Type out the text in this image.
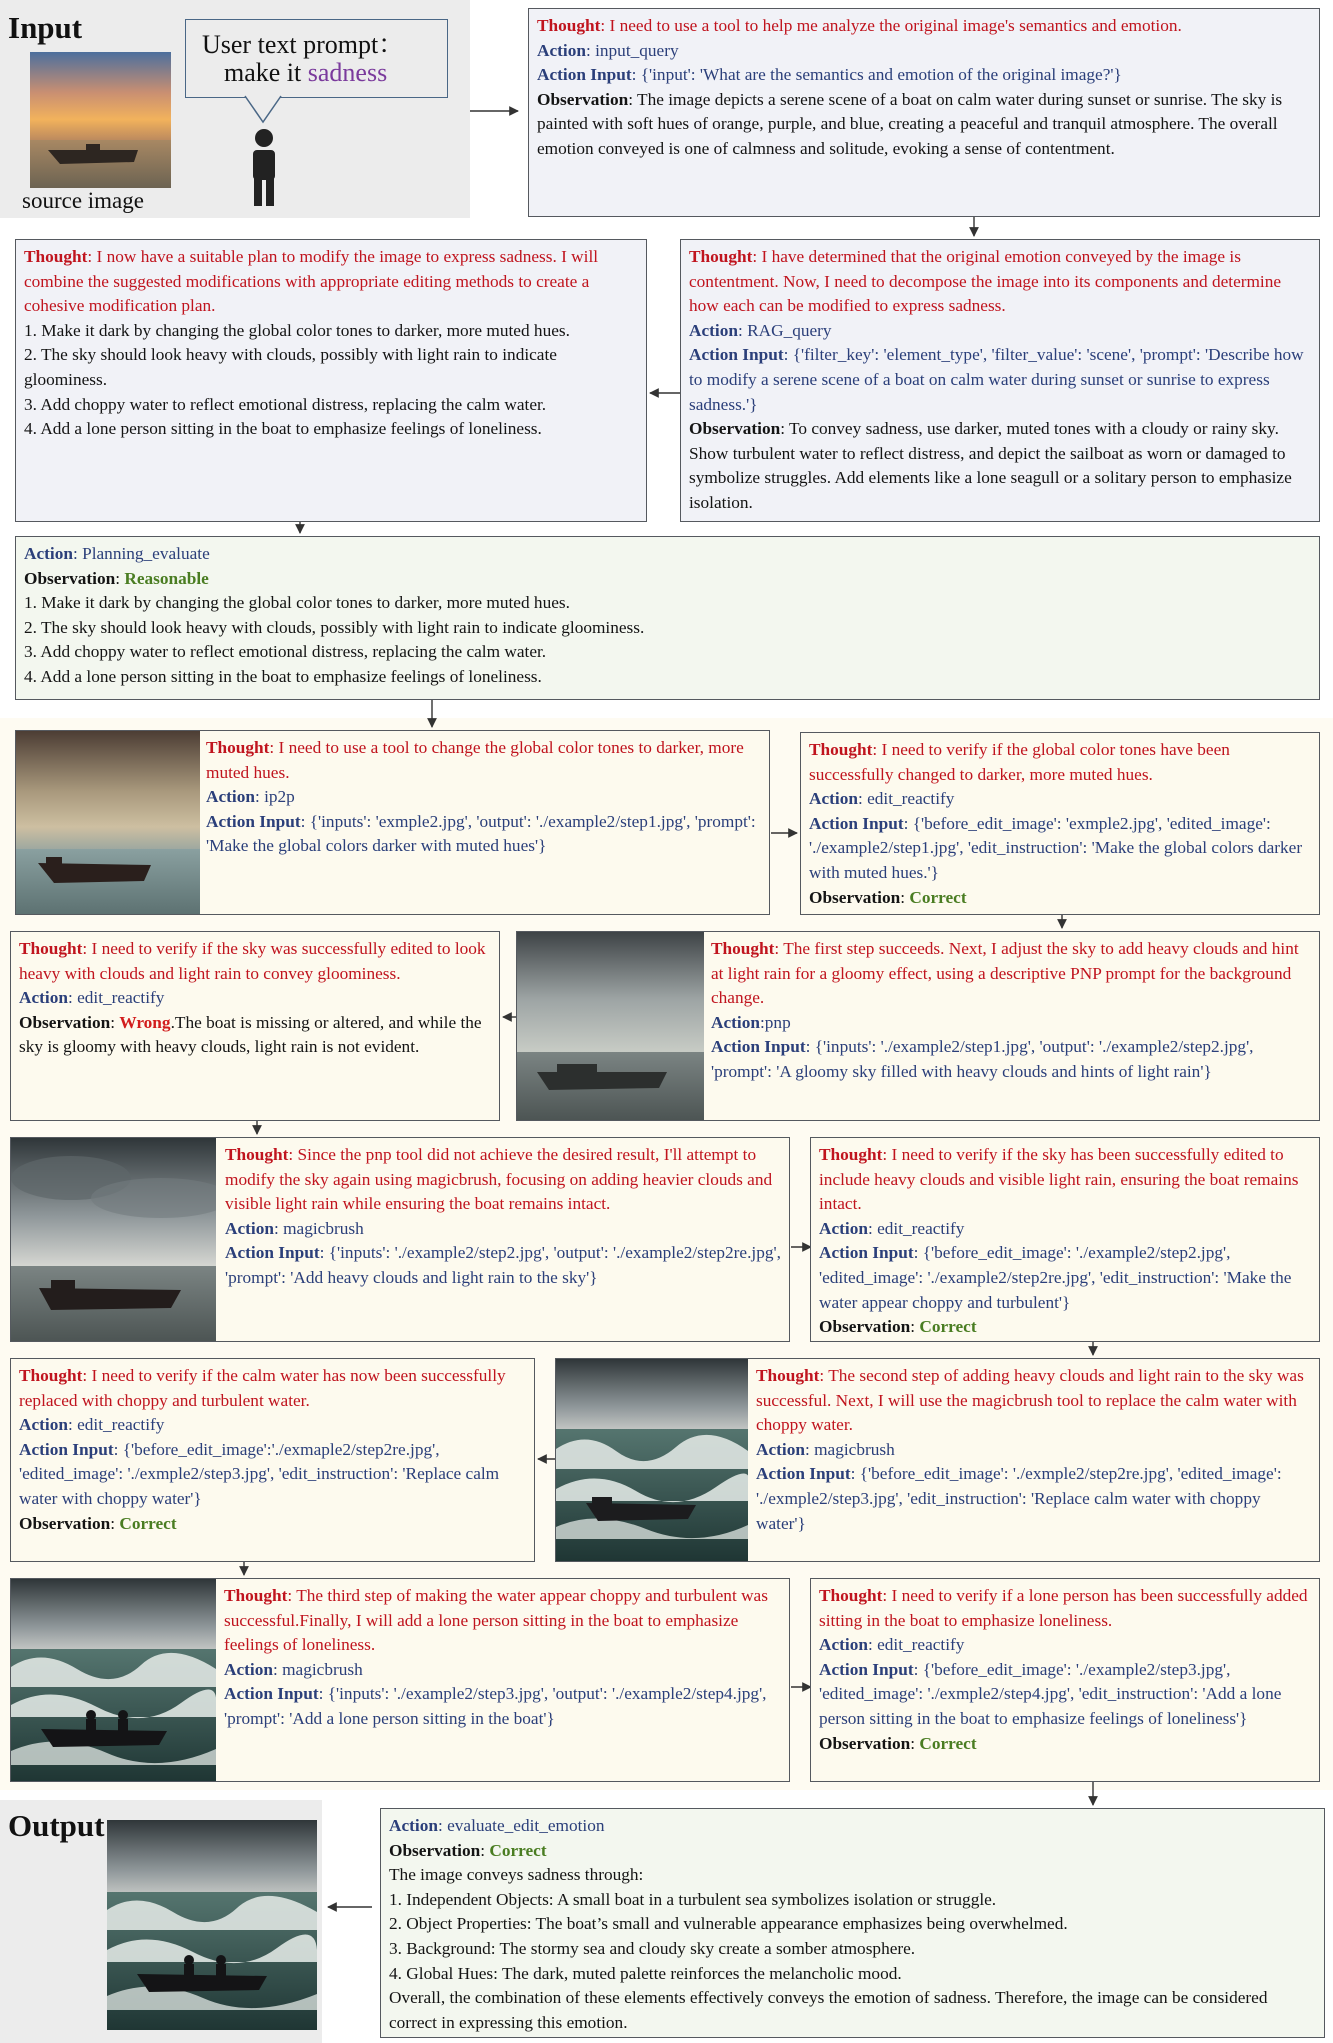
Input
source image
User text prompt：
make it sadness
Thought: I need to use a tool to help me analyze the original image's semantics and emotion.
Action: input_query
Action Input: {'input': 'What are the semantics and emotion of the original image?'}
Observation: The image depicts a serene scene of a boat on calm water during sunset or sunrise. The sky is painted with soft hues of orange, purple, and blue, creating a peaceful and tranquil atmosphere. The overall emotion conveyed is one of calmness and solitude, evoking a sense of contentment.
Thought: I have determined that the original emotion conveyed by the image is contentment. Now, I need to decompose the image into its components and determine how each can be modified to express sadness.
Action: RAG_query
Action Input: {'filter_key': 'element_type', 'filter_value': 'scene', 'prompt': 'Describe how to modify a serene scene of a boat on calm water during sunset or sunrise to express sadness.'}
Observation: To convey sadness, use darker, muted tones with a cloudy or rainy sky. Show turbulent water to reflect distress, and depict the sailboat as worn or damaged to symbolize struggles. Add elements like a lone seagull or a solitary person to emphasize isolation.
Thought: I now have a suitable plan to modify the image to express sadness. I will combine the suggested modifications with appropriate editing methods to create a cohesive modification plan.
1. Make it dark by changing the global color tones to darker, more muted hues.
2. The sky should look heavy with clouds, possibly with light rain to indicate gloominess.
3. Add choppy water to reflect emotional distress, replacing the calm water.
4. Add a lone person sitting in the boat to emphasize feelings of loneliness.
Action: Planning_evaluate
Observation: Reasonable
1. Make it dark by changing the global color tones to darker, more muted hues.
2. The sky should look heavy with clouds, possibly with light rain to indicate gloominess.
3. Add choppy water to reflect emotional distress, replacing the calm water.
4. Add a lone person sitting in the boat to emphasize feelings of loneliness.
Thought: I need to use a tool to change the global color tones to darker, more muted hues.
Action: ip2p
Action Input: {'inputs': 'exmple2.jpg', 'output': './example2/step1.jpg', 'prompt': 'Make the global colors darker with muted hues'}
Thought: I need to verify if the global color tones have been successfully changed to darker, more muted hues.
Action: edit_reactify
Action Input: {'before_edit_image': 'exmple2.jpg', 'edited_image': './example2/step1.jpg', 'edit_instruction': 'Make the global colors darker with muted hues.'}
Observation: Correct
Thought: I need to verify if the sky was successfully edited to look heavy with clouds and light rain to convey gloominess.
Action: edit_reactify
Observation: Wrong.The boat is missing or altered, and while the sky is gloomy with heavy clouds, light rain is not evident.
Thought: The first step succeeds. Next, I adjust the sky to add heavy clouds and hint at light rain for a gloomy effect, using a descriptive PNP prompt for the background change.
Action:pnp
Action Input: {'inputs': './example2/step1.jpg', 'output': './example2/step2.jpg', 'prompt': 'A gloomy sky filled with heavy clouds and hints of light rain'}
Thought: Since the pnp tool did not achieve the desired result, I'll attempt to modify the sky again using magicbrush, focusing on adding heavier clouds and visible light rain while ensuring the boat remains intact.
Action: magicbrush
Action Input: {'inputs': './example2/step2.jpg', 'output': './example2/step2re.jpg', 'prompt': 'Add heavy clouds and light rain to the sky'}
Thought: I need to verify if the sky has been successfully edited to include heavy clouds and visible light rain, ensuring the boat remains intact.
Action: edit_reactify
Action Input: {'before_edit_image': './example2/step2.jpg', 'edited_image': './example2/step2re.jpg', 'edit_instruction': 'Make the water appear choppy and turbulent'}
Observation: Correct
Thought: I need to verify if the calm water has now been successfully replaced with choppy and turbulent water.
Action: edit_reactify
Action Input: {'before_edit_image':'./exmaple2/step2re.jpg', 'edited_image': './exmple2/step3.jpg', 'edit_instruction': 'Replace calm water with choppy water'}
Observation: Correct
Thought: The second step of adding heavy clouds and light rain to the sky was successful. Next, I will use the magicbrush tool to replace the calm water with choppy water.
Action: magicbrush
Action Input: {'before_edit_image': './exmple2/step2re.jpg', 'edited_image': './exmple2/step3.jpg', 'edit_instruction': 'Replace calm water with choppy water'}
Thought: The third step of making the water appear choppy and turbulent was successful.Finally, I will add a lone person sitting in the boat to emphasize feelings of loneliness.
Action: magicbrush
Action Input: {'inputs': './example2/step3.jpg', 'output': './example2/step4.jpg', 'prompt': 'Add a lone person sitting in the boat'}
Thought: I need to verify if a lone person has been successfully added sitting in the boat to emphasize loneliness.
Action: edit_reactify
Action Input: {'before_edit_image': './example2/step3.jpg', 'edited_image': './exmple2/step4.jpg', 'edit_instruction': 'Add a lone person sitting in the boat to emphasize feelings of loneliness'}
Observation: Correct
Output	Action: evaluate_edit_emotion
Observation: Correct
The image conveys sadness through:
1. Independent Objects: A small boat in a turbulent sea symbolizes isolation or struggle.
2. Object Properties: The boat’s small and vulnerable appearance emphasizes being overwhelmed.
3. Background: The stormy sea and cloudy sky create a somber atmosphere.
4. Global Hues: The dark, muted palette reinforces the melancholic mood.
Overall, the combination of these elements effectively conveys the emotion of sadness. Therefore, the image can be considered correct in expressing this emotion.
